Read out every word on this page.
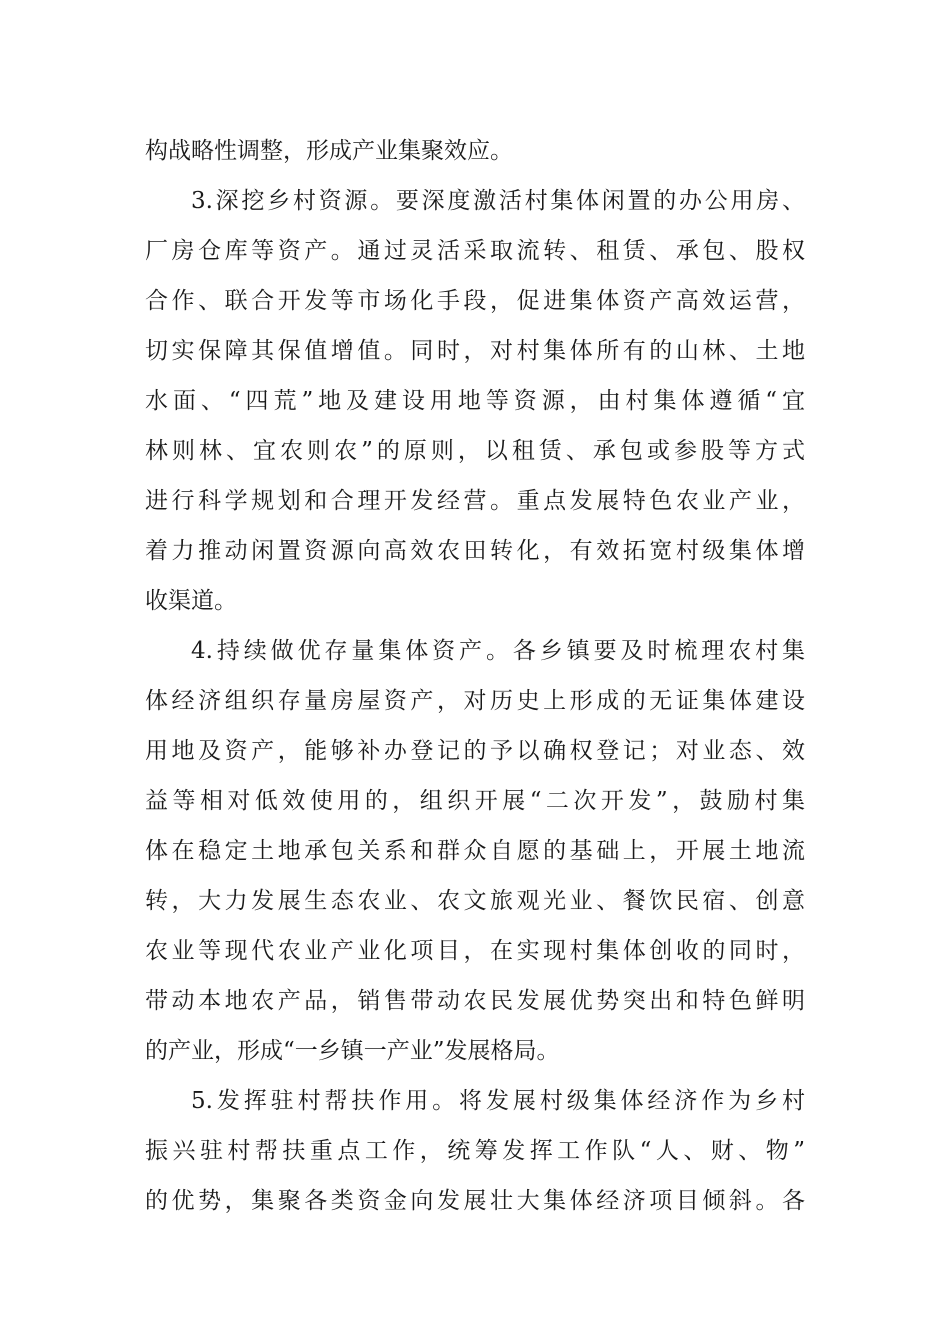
构战略性调整，形成产业集聚效应。
3.深挖乡村资源。要深度激活村集体闲置的办公用房、
厂房仓库等资产。通过灵活采取流转、租赁、承包、股权
合作、联合开发等市场化手段，促进集体资产高效运营，
切实保障其保值增值。同时，对村集体所有的山林、土地
水面、“四荒”地及建设用地等资源，由村集体遵循“宜
林则林、宜农则农”的原则，以租赁、承包或参股等方式
进行科学规划和合理开发经营。重点发展特色农业产业，
着力推动闲置资源向高效农田转化，有效拓宽村级集体增
收渠道。
4.持续做优存量集体资产。各乡镇要及时梳理农村集
体经济组织存量房屋资产，对历史上形成的无证集体建设
用地及资产，能够补办登记的予以确权登记；对业态、效
益等相对低效使用的，组织开展“二次开发”，鼓励村集
体在稳定土地承包关系和群众自愿的基础上，开展土地流
转，大力发展生态农业、农文旅观光业、餐饮民宿、创意
农业等现代农业产业化项目，在实现村集体创收的同时，
带动本地农产品，销售带动农民发展优势突出和特色鲜明
的产业，形成“一乡镇一产业”发展格局。
5.发挥驻村帮扶作用。将发展村级集体经济作为乡村
振兴驻村帮扶重点工作，统筹发挥工作队“人、财、物”
的优势，集聚各类资金向发展壮大集体经济项目倾斜。各
